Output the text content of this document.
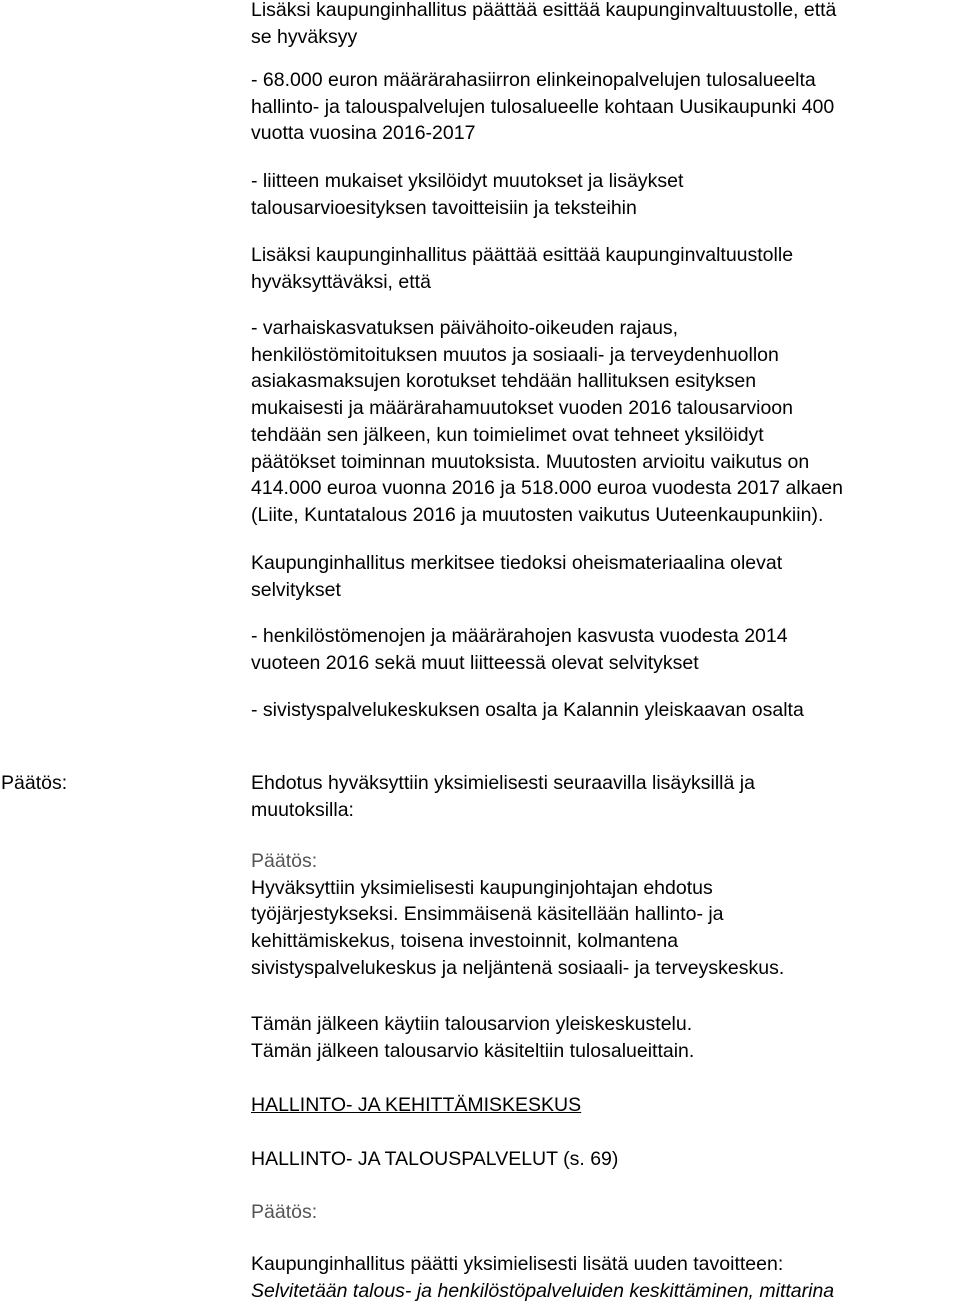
Lisäksi kaupunginhallitus päättää esittää kaupunginvaltuustolle, että
se hyväksyy
- 68.000 euron määrärahasiirron elinkeinopalvelujen tulosalueelta
hallinto- ja talouspalvelujen tulosalueelle kohtaan Uusikaupunki 400
vuotta vuosina 2016-2017
- liitteen mukaiset yksilöidyt muutokset ja lisäykset
talousarvioesityksen tavoitteisiin ja teksteihin
Lisäksi kaupunginhallitus päättää esittää kaupunginvaltuustolle
hyväksyttäväksi, että
- varhaiskasvatuksen päivähoito-oikeuden rajaus,
henkilöstömitoituksen muutos ja sosiaali- ja terveydenhuollon
asiakasmaksujen korotukset tehdään hallituksen esityksen
mukaisesti ja määrärahamuutokset vuoden 2016 talousarvioon
tehdään sen jälkeen, kun toimielimet ovat tehneet yksilöidyt
päätökset toiminnan muutoksista. Muutosten arvioitu vaikutus on
414.000 euroa vuonna 2016 ja 518.000 euroa vuodesta 2017 alkaen
(Liite, Kuntatalous 2016 ja muutosten vaikutus Uuteenkaupunkiin).
Kaupunginhallitus merkitsee tiedoksi oheismateriaalina olevat
selvitykset
- henkilöstömenojen ja määrärahojen kasvusta vuodesta 2014
vuoteen 2016 sekä muut liitteessä olevat selvitykset
- sivistyspalvelukeskuksen osalta ja Kalannin yleiskaavan osalta
Päätös:	Ehdotus hyväksyttiin yksimielisesti seuraavilla lisäyksillä ja
muutoksilla:
Päätös:
Hyväksyttiin yksimielisesti kaupunginjohtajan ehdotus
työjärjestykseksi. Ensimmäisenä käsitellään hallinto- ja
kehittämiskekus, toisena investoinnit, kolmantena
sivistyspalvelukeskus ja neljäntenä sosiaali- ja terveyskeskus.
Tämän jälkeen käytiin talousarvion yleiskeskustelu.
Tämän jälkeen talousarvio käsiteltiin tulosalueittain.
HALLINTO- JA KEHITTÄMISKESKUS
HALLINTO- JA TALOUSPALVELUT (s. 69)
Päätös:
Kaupunginhallitus päätti yksimielisesti lisätä uuden tavoitteen:
Selvitetään talous- ja henkilöstöpalveluiden keskittäminen, mittarina
